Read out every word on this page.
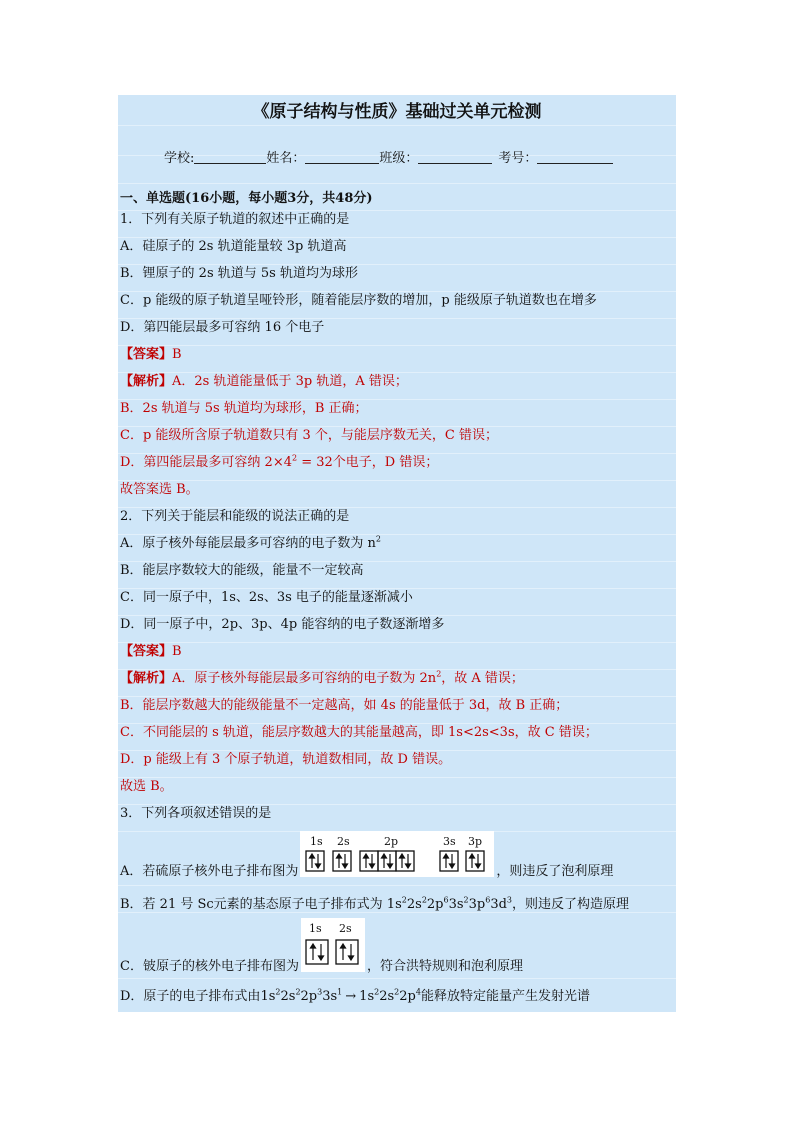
《原子结构与性质》基础过关单元检测
学校:	姓名：	班级：	考号：
一、单选题(16小题，每小题3分，共48分)
1．下列有关原子轨道的叙述中正确的是
A．硅原子的 2s 轨道能量较 3p 轨道高
B．锂原子的 2s 轨道与 5s 轨道均为球形
C．p 能级的原子轨道呈哑铃形，随着能层序数的增加，p 能级原子轨道数也在增多
D．第四能层最多可容纳 16 个电子
【答案】B
【解析】A．2s 轨道能量低于 3p 轨道，A 错误；
B．2s 轨道与 5s 轨道均为球形，B 正确；
C．p 能级所含原子轨道数只有 3 个，与能层序数无关，C 错误；
D．第四能层最多可容纳 $2\times 4^2 = 32$个电子，D 错误；
故答案选 B。
2．下列关于能层和能级的说法正确的是
A．原子核外每能层最多可容纳的电子数为 $n^2$
B．能层序数较大的能级，能量不一定较高
C．同一原子中，1s、2s、3s 电子的能量逐渐减小
D．同一原子中，2p、3p、4p 能容纳的电子数逐渐增多
【答案】B
【解析】A．原子核外每能层最多可容纳的电子数为 $2n^2$，故 A 错误；
B．能层序数越大的能级能量不一定越高，如 4s 的能量低于 3d，故 B 正确；
C．不同能层的 s 轨道，能层序数越大的其能量越高，即 1s<2s<3s，故 C 错误；
D．p 能级上有 3 个原子轨道，轨道数相同，故 D 错误。
故选 B。
3．下列各项叙述错误的是
A．若硫原子核外电子排布图为
1s 2s	2p	3s 3p
，则违反了泡利原理
B．若 21 号 Sc元素的基态原子电子排布式为 $1s^22s^22p^63s^23p^63d^3$，则违反了构造原理
C．铍原子的核外电子排布图为
1s 2s
，符合洪特规则和泡利原理
D．原子的电子排布式由$1s^22s^22p^33s^1 \to 1s^22s^22p^4$能释放特定能量产生发射光谱
